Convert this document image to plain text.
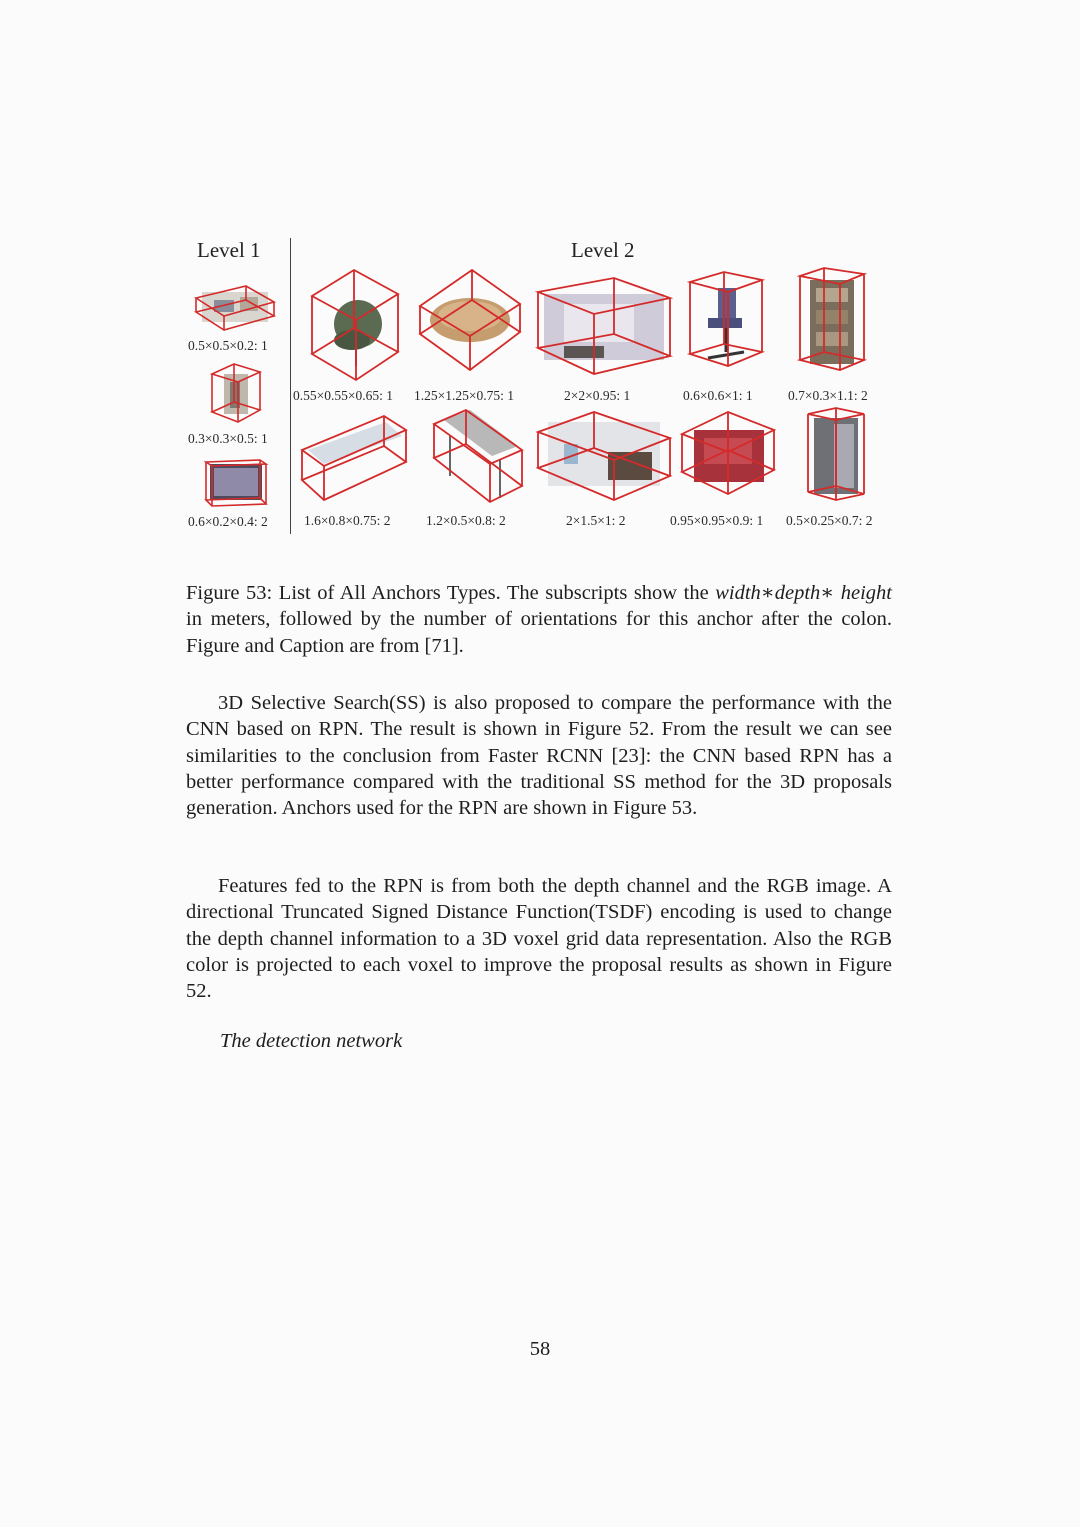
Level 1	Level 2
0.5×0.5×0.2: 1
0.3×0.3×0.5: 1
0.6×0.2×0.4: 2
0.55×0.55×0.65: 1 1.25×1.25×0.75: 1	2×2×0.95: 1	0.6×0.6×1: 1	0.7×0.3×1.1: 2
1.6×0.8×0.75: 2	1.2×0.5×0.8: 2	2×1.5×1: 2	0.95×0.95×0.9: 1 0.5×0.25×0.7: 2
Figure 53: List of All Anchors Types. The subscripts show the width∗depth∗ height in meters, followed by the number of orientations for this anchor after the colon. Figure and Caption are from [71].

3D Selective Search(SS) is also proposed to compare the performance with the CNN based on RPN. The result is shown in Figure 52. From the result we can see similarities to the conclusion from Faster RCNN [23]: the CNN based RPN has a better performance compared with the traditional SS method for the 3D proposals generation. Anchors used for the RPN are shown in Figure 53.

Features fed to the RPN is from both the depth channel and the RGB image. A directional Truncated Signed Distance Function(TSDF) encoding is used to change the depth channel information to a 3D voxel grid data representation. Also the RGB color is projected to each voxel to improve the proposal results as shown in Figure 52.

The detection network
58
